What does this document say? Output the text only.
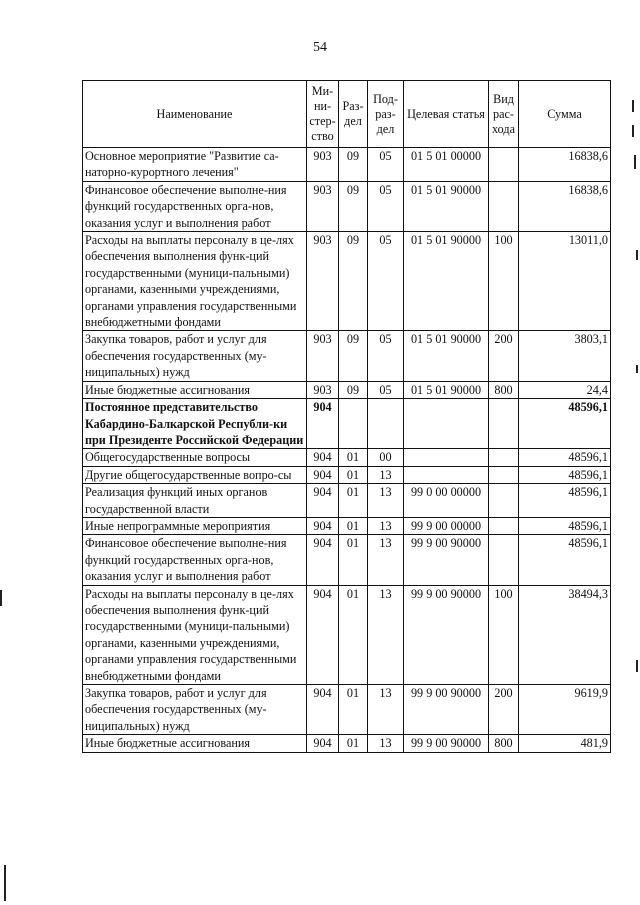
54
Наименование	Ми-ни-стер-ство	Раз-дел	Под-раз-дел	Целевая статья	Вид рас-хода	Сумма
Основное мероприятие "Развитие са-наторно-курортного лечения"	903	09	05	01 5 01 00000		16838,6
Финансовое обеспечение выполне-ния функций государственных орга-нов, оказания услуг и выполнения работ	903	09	05	01 5 01 90000		16838,6
Расходы на выплаты персоналу в це-лях обеспечения выполнения функ-ций государственными (муници-пальными) органами, казенными учреждениями, органами управления государственными внебюджетными фондами	903	09	05	01 5 01 90000	100	13011,0
Закупка товаров, работ и услуг для обеспечения государственных (му-ниципальных) нужд	903	09	05	01 5 01 90000	200	3803,1
Иные бюджетные ассигнования	903	09	05	01 5 01 90000	800	24,4
Постоянное представительство Кабардино-Балкарской Республи-ки при Президенте Российской Федерации	904					48596,1
Общегосударственные вопросы	904	01	00			48596,1
Другие общегосударственные вопро-сы	904	01	13			48596,1
Реализация функций иных органов государственной власти	904	01	13	99 0 00 00000		48596,1
Иные непрограммные мероприятия	904	01	13	99 9 00 00000		48596,1
Финансовое обеспечение выполне-ния функций государственных орга-нов, оказания услуг и выполнения работ	904	01	13	99 9 00 90000		48596,1
Расходы на выплаты персоналу в це-лях обеспечения выполнения функ-ций государственными (муници-пальными) органами, казенными учреждениями, органами управления государственными внебюджетными фондами	904	01	13	99 9 00 90000	100	38494,3
Закупка товаров, работ и услуг для обеспечения государственных (му-ниципальных) нужд	904	01	13	99 9 00 90000	200	9619,9
Иные бюджетные ассигнования	904	01	13	99 9 00 90000	800	481,9
